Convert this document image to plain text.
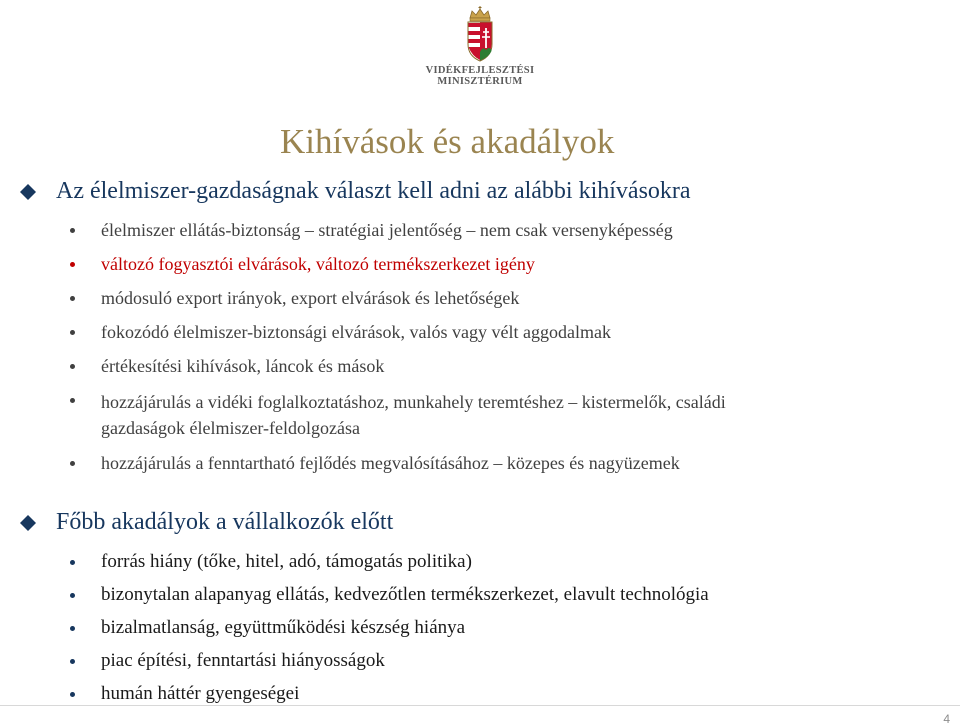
VIDÉKFEJLESZTÉSI
MINISZTÉRIUM
Kihívások és akadályok
Az élelmiszer-gazdaságnak választ kell adni az alábbi kihívásokra
élelmiszer ellátás-biztonság – stratégiai jelentőség – nem csak versenyképesség
változó fogyasztói elvárások, változó termékszerkezet igény
módosuló export irányok, export elvárások és lehetőségek
fokozódó élelmiszer-biztonsági elvárások, valós vagy vélt aggodalmak
értékesítési kihívások, láncok és mások
hozzájárulás a vidéki foglalkoztatáshoz, munkahely teremtéshez – kistermelők, családi
gazdaságok élelmiszer-feldolgozása
hozzájárulás a fenntartható fejlődés megvalósításához – közepes és nagyüzemek
Főbb akadályok a vállalkozók előtt
forrás hiány (tőke, hitel, adó, támogatás politika)
bizonytalan alapanyag ellátás, kedvezőtlen termékszerkezet, elavult technológia
bizalmatlanság, együttműködési készség hiánya
piac építési, fenntartási hiányosságok
humán háttér gyengeségei
4
